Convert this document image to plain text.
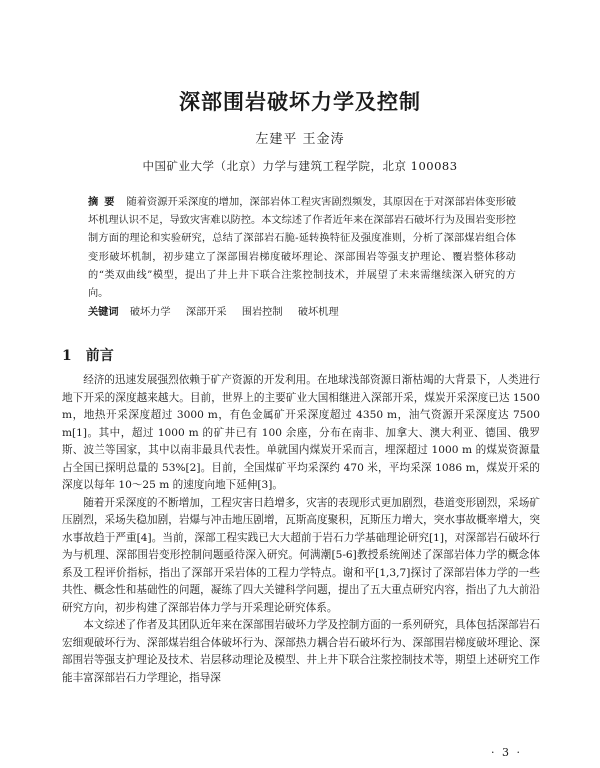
深部围岩破坏力学及控制
左建平 王金涛
中国矿业大学（北京）力学与建筑工程学院，北京 100083
摘要 随着资源开采深度的增加，深部岩体工程灾害剧烈频发，其原因在于对深部岩体变形破坏机理认识不足，导致灾害难以防控。本文综述了作者近年来在深部岩石破坏行为及围岩变形控制方面的理论和实验研究，总结了深部岩石脆-延转换特征及强度准则，分析了深部煤岩组合体变形破坏机制，初步建立了深部围岩梯度破坏理论、深部围岩等强支护理论、覆岩整体移动的“类双曲线”模型，提出了井上井下联合注浆控制技术，并展望了未来需继续深入研究的方向。
关键词 破坏力学 深部开采 围岩控制 破坏机理
1 前言

经济的迅速发展强烈依赖于矿产资源的开发利用。在地球浅部资源日渐枯竭的大背景下，人类进行地下开采的深度越来越大。目前，世界上的主要矿业大国相继进入深部开采，煤炭开采深度已达 1500 m，地热开采深度超过 3000 m，有色金属矿开采深度超过 4350 m，油气资源开采深度达 7500 m[1]。其中，超过 1000 m 的矿井已有 100 余座，分布在南非、加拿大、澳大利亚、德国、俄罗斯、波兰等国家，其中以南非最具代表性。单就国内煤炭开采而言，埋深超过 1000 m 的煤炭资源量占全国已探明总量的 53%[2]。目前，全国煤矿平均采深约 470 米，平均采深 1086 m，煤炭开采的深度以每年 10～25 m 的速度向地下延伸[3]。

随着开采深度的不断增加，工程灾害日趋增多，灾害的表现形式更加剧烈，巷道变形剧烈，采场矿压剧烈，采场失稳加剧，岩爆与冲击地压剧增，瓦斯高度聚积，瓦斯压力增大，突水事故概率增大，突水事故趋于严重[4]。当前，深部工程实践已大大超前于岩石力学基础理论研究[1]，对深部岩石破坏行为与机理、深部围岩变形控制问题亟待深入研究。何满潮[5-6]教授系统阐述了深部岩体力学的概念体系及工程评价指标，指出了深部开采岩体的工程力学特点。谢和平[1,3,7]探讨了深部岩体力学的一些共性、概念性和基础性的问题，凝练了四大关键科学问题，提出了五大重点研究内容，指出了九大前沿研究方向，初步构建了深部岩体力学与开采理论研究体系。

本文综述了作者及其团队近年来在深部围岩破坏力学及控制方面的一系列研究，具体包括深部岩石宏细观破坏行为、深部煤岩组合体破坏行为、深部热力耦合岩石破坏行为、深部围岩梯度破坏理论、深部围岩等强支护理论及技术、岩层移动理论及模型、井上井下联合注浆控制技术等，期望上述研究工作能丰富深部岩石力学理论，指导深

· 3 ·
